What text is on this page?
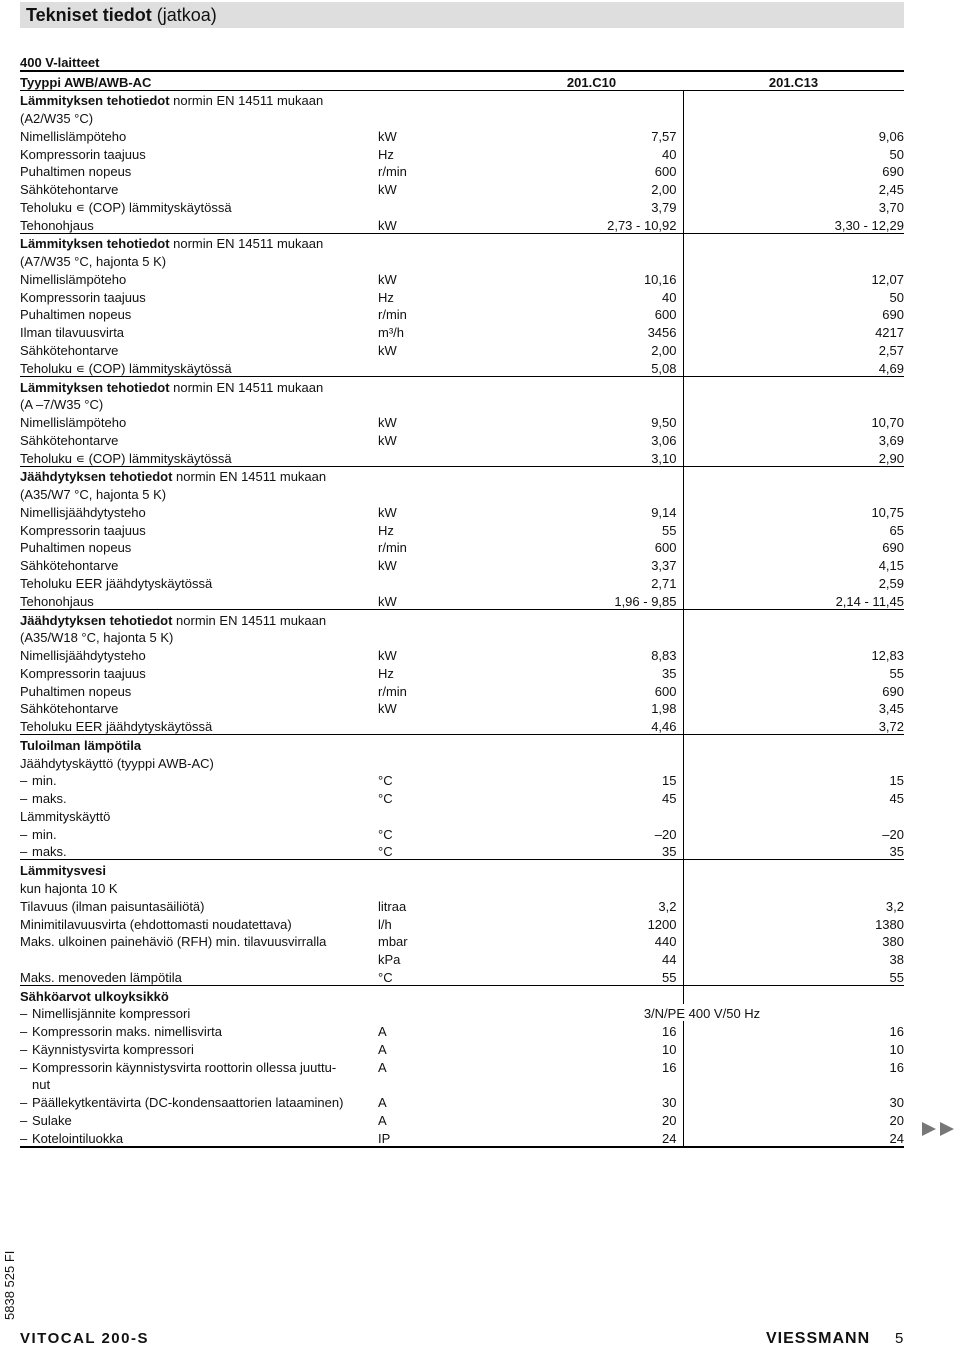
Tekniset tiedot (jatkoa)
400 V-laitteet			
Tyyppi AWB/AWB-AC		201.C10	201.C13
Lämmityksen tehotiedot normin EN 14511 mukaan			
(A2/W35 °C)			
Nimellislämpöteho	kW	7,57	9,06
Kompressorin taajuus	Hz	40	50
Puhaltimen nopeus	r/min	600	690
Sähkötehontarve	kW	2,00	2,45
Teholuku ∊ (COP) lämmityskäytössä		3,79	3,70
Tehonohjaus	kW	2,73 - 10,92	3,30 - 12,29
Lämmityksen tehotiedot normin EN 14511 mukaan			
(A7/W35 °C, hajonta 5 K)			
Nimellislämpöteho	kW	10,16	12,07
Kompressorin taajuus	Hz	40	50
Puhaltimen nopeus	r/min	600	690
Ilman tilavuusvirta	m³/h	3456	4217
Sähkötehontarve	kW	2,00	2,57
Teholuku ∊ (COP) lämmityskäytössä		5,08	4,69
Lämmityksen tehotiedot normin EN 14511 mukaan			
(A –7/W35 °C)			
Nimellislämpöteho	kW	9,50	10,70
Sähkötehontarve	kW	3,06	3,69
Teholuku ∊ (COP) lämmityskäytössä		3,10	2,90
Jäähdytyksen tehotiedot normin EN 14511 mukaan			
(A35/W7 °C, hajonta 5 K)			
Nimellisjäähdytysteho	kW	9,14	10,75
Kompressorin taajuus	Hz	55	65
Puhaltimen nopeus	r/min	600	690
Sähkötehontarve	kW	3,37	4,15
Teholuku EER jäähdytyskäytössä		2,71	2,59
Tehonohjaus	kW	1,96 - 9,85	2,14 - 11,45
Jäähdytyksen tehotiedot normin EN 14511 mukaan			
(A35/W18 °C, hajonta 5 K)			
Nimellisjäähdytysteho	kW	8,83	12,83
Kompressorin taajuus	Hz	35	55
Puhaltimen nopeus	r/min	600	690
Sähkötehontarve	kW	1,98	3,45
Teholuku EER jäähdytyskäytössä		4,46	3,72
Tuloilman lämpötila			
Jäähdytyskäyttö (tyyppi AWB-AC)			
– min.	°C	15	15
– maks.	°C	45	45
Lämmityskäyttö			
– min.	°C	–20	–20
– maks.	°C	35	35
Lämmitysvesi			
kun hajonta 10 K			
Tilavuus (ilman paisuntasäiliötä)	litraa	3,2	3,2
Minimitilavuusvirta (ehdottomasti noudatettava)	l/h	1200	1380
Maks. ulkoinen painehäviö (RFH) min. tilavuusvirralla	mbar	440	380
	kPa	44	38
Maks. menoveden lämpötila	°C	55	55
Sähköarvot ulkoyksikkö			
– Nimellisjännite kompressori		3/N/PE 400 V/50 Hz	
– Kompressorin maks. nimellisvirta	A	16	16
– Käynnistysvirta kompressori	A	10	10
– Kompressorin käynnistysvirta roottorin ollessa juuttu-	A	16	16
nut			
– Päällekytkentävirta (DC-kondensaattorien lataaminen)	A	30	30
– Sulake	A	20	20
– Kotelointiluokka	IP	24	24
5838 525 FI
VITOCAL 200-S	VIESSMANN 5
